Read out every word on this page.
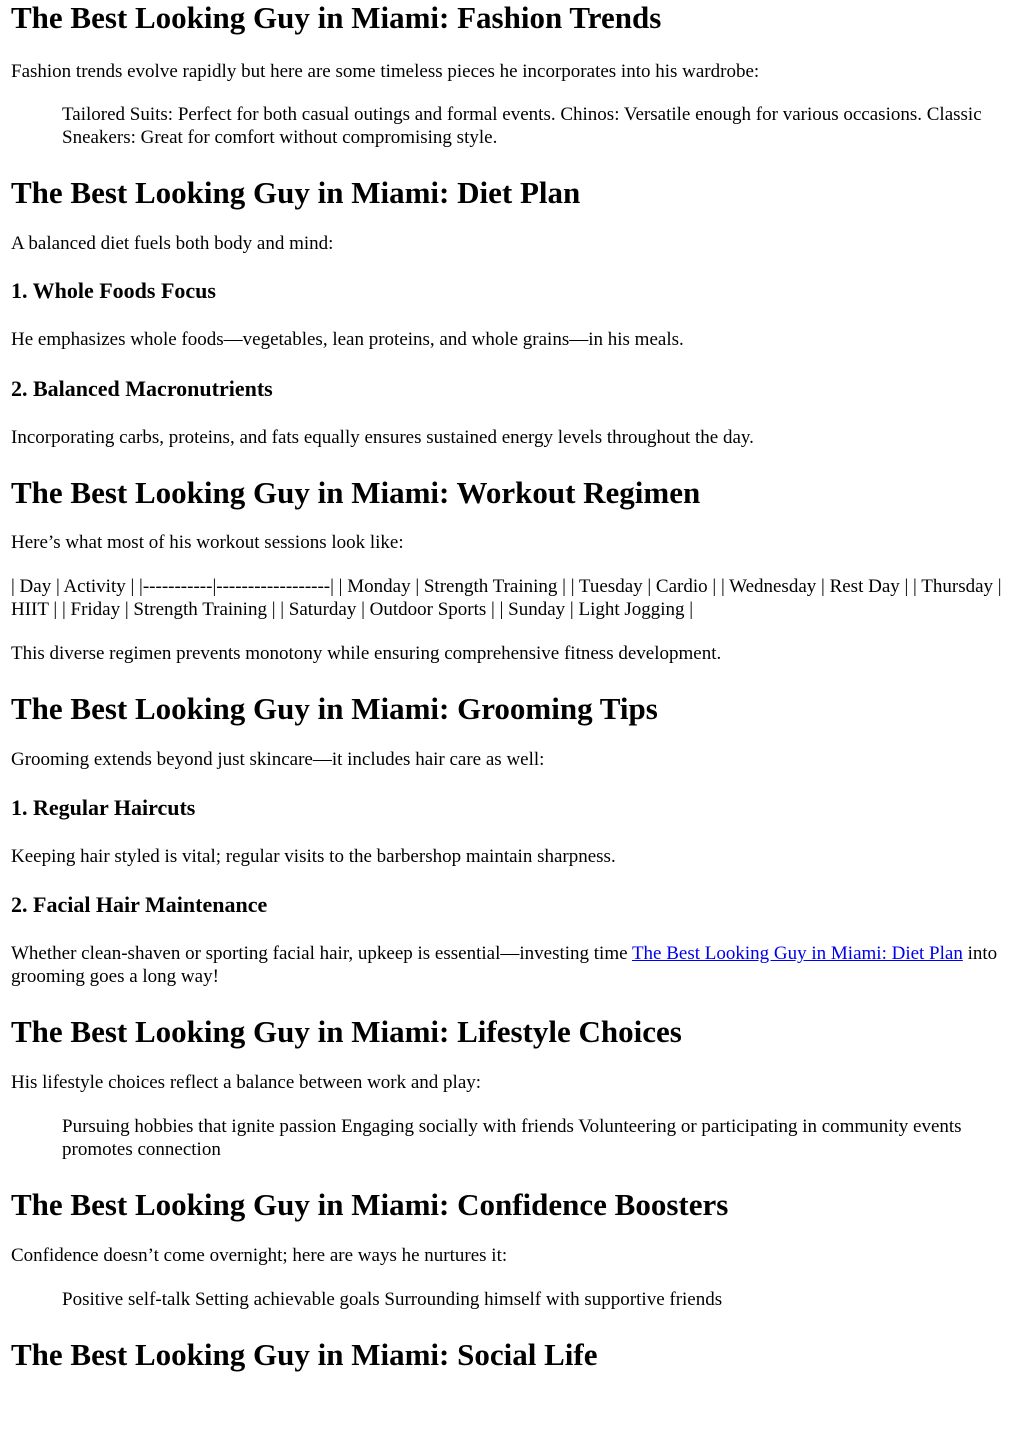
The Best Looking Guy in Miami: Fashion Trends

Fashion trends evolve rapidly but here are some timeless pieces he incorporates into his wardrobe:

Tailored Suits: Perfect for both casual outings and formal events. Chinos: Versatile enough for various occasions. Classic Sneakers: Great for comfort without compromising style.
The Best Looking Guy in Miami: Diet Plan

A balanced diet fuels both body and mind:

1. Whole Foods Focus

He emphasizes whole foods—vegetables, lean proteins, and whole grains—in his meals.

2. Balanced Macronutrients

Incorporating carbs, proteins, and fats equally ensures sustained energy levels throughout the day.

The Best Looking Guy in Miami: Workout Regimen

Here’s what most of his workout sessions look like:

| Day | Activity | |-----------|------------------| | Monday | Strength Training | | Tuesday | Cardio | | Wednesday | Rest Day | | Thursday | HIIT | | Friday | Strength Training | | Saturday | Outdoor Sports | | Sunday | Light Jogging |

This diverse regimen prevents monotony while ensuring comprehensive fitness development.

The Best Looking Guy in Miami: Grooming Tips

Grooming extends beyond just skincare—it includes hair care as well:

1. Regular Haircuts

Keeping hair styled is vital; regular visits to the barbershop maintain sharpness.

2. Facial Hair Maintenance

Whether clean-shaven or sporting facial hair, upkeep is essential—investing time The Best Looking Guy in Miami: Diet Plan into grooming goes a long way!

The Best Looking Guy in Miami: Lifestyle Choices

His lifestyle choices reflect a balance between work and play:

Pursuing hobbies that ignite passion Engaging socially with friends Volunteering or participating in community events promotes connection
The Best Looking Guy in Miami: Confidence Boosters

Confidence doesn’t come overnight; here are ways he nurtures it:

Positive self-talk Setting achievable goals Surrounding himself with supportive friends
The Best Looking Guy in Miami: Social Life
